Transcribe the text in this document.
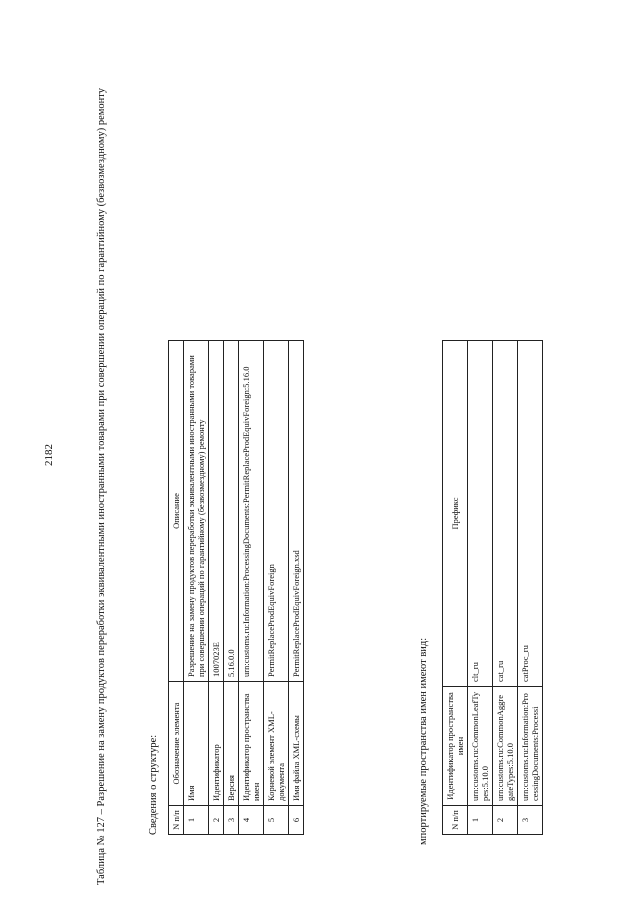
2182	Таблица № 127 – Разрешение на замену продуктов переработки эквивалентными иностранными товарами при совершении операций по гарантийному (безвозмездному) ремонту	Сведения о структуре: N п/п	Обозначение элемента	Описание
1	Имя	Разрешение на замену продуктов переработки эквивалентными иностранными товарами при совершении операций по гарантийному (безвозмездному) ремонту
2	Идентификатор	1007023E
3	Версия	5.16.0.0
4	Идентификатор пространства имен	urn:customs.ru:Information:ProcessingDocuments:PermitReplaceProdEquivForeign:5.16.0
5	Корневой элемент XML-документа	PermitReplaceProdEquivForeign
6	Имя файла XML-схемы	PermitReplaceProdEquivForeign.xsd
мпортируемые пространства имен имеют вид: N п/п	Идентификатор пространства имен	Префикс
1	urn:customs.ru:CommonLeafTypes:5.10.0	clt_ru
2	urn:customs.ru:CommonAggregateTypes:5.10.0	cat_ru
3	urn:customs.ru:Information:ProcessingDocuments:Processi	catProc_ru
